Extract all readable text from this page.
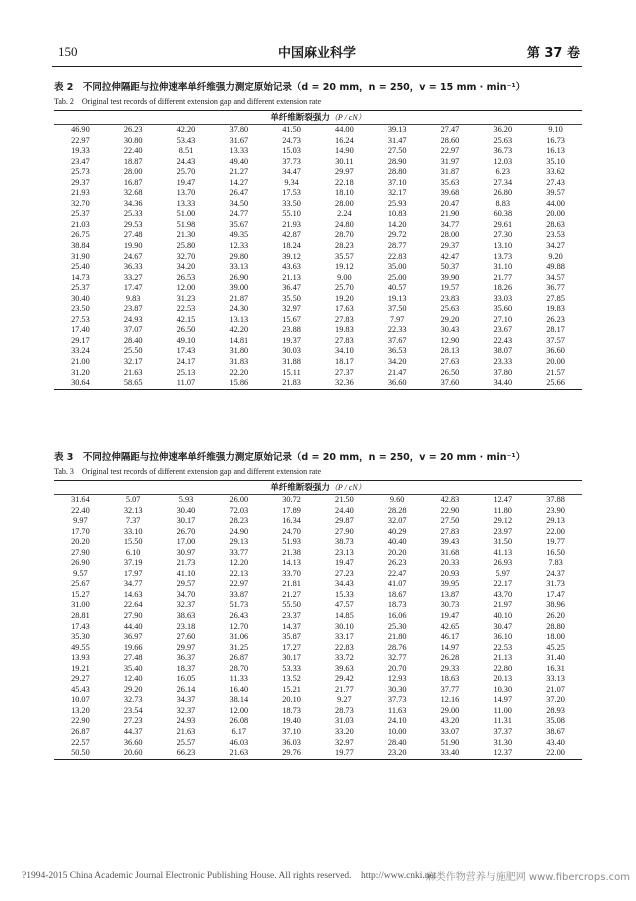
150	中国麻业科学	第 37 卷
表 2　不同拉伸隔距与拉伸速率单纤维强力测定原始记录（d = 20 mm，n = 250，v = 15 mm · min⁻¹）
Tab. 2　Original test records of different extension gap and different extension rate
单纤维断裂强力（P / cN）
46.90	26.23	42.20	37.80	41.50	44.00	39.13	27.47	36.20	9.10
22.97	30.80	53.43	31.67	24.73	16.24	31.47	28.60	25.63	16.73
19.33	22.40	8.51	13.33	15.03	14.90	27.50	22.97	36.73	16.13
23.47	18.87	24.43	49.40	37.73	30.11	28.90	31.97	12.03	35.10
25.73	28.00	25.70	21.27	34.47	29.97	28.80	31.87	6.23	33.62
29.37	16.87	19.47	14.27	9.34	22.18	37.10	35.63	27.34	27.43
21.93	32.68	13.70	26.47	17.53	18.10	32.17	39.68	26.80	39.57
32.70	34.36	13.33	34.50	33.50	28.00	25.93	20.47	8.83	44.00
25.37	25.33	51.00	24.77	55.10	2.24	10.83	21.90	60.38	20.00
21.03	29.53	51.98	35.67	21.93	24.80	14.20	34.77	29.61	28.63
26.75	27.48	21.30	49.35	42.87	28.70	29.72	28.00	27.30	23.53
38.84	19.90	25.80	12.33	18.24	28.23	28.77	29.37	13.10	34.27
31.90	24.67	32.70	29.80	39.12	35.57	22.83	42.47	13.73	9.20
25.40	36.33	34.20	33.13	43.63	19.12	35.00	50.37	31.10	49.88
14.73	33.27	26.53	26.90	21.13	9.00	25.00	39.90	21.77	34.57
25.37	17.47	12.00	39.00	36.47	25.70	40.57	19.57	18.26	36.77
30.40	9.83	31.23	21.87	35.50	19.20	19.13	23.83	33.03	27.85
23.50	23.87	22.53	24.30	32.97	17.63	37.50	25.63	35.60	19.83
27.53	24.93	42.15	13.13	15.67	27.83	7.97	29.20	27.10	26.23
17.40	37.07	26.50	42.20	23.88	19.83	22.33	30.43	23.67	28.17
29.17	28.40	49.10	14.81	19.37	27.83	37.67	12.90	22.43	37.57
33.24	25.50	17.43	31.80	30.03	34.10	36.53	28.13	38.07	36.60
21.00	32.17	24.17	31.83	31.88	18.17	34.20	27.63	23.33	20.00
31.20	21.63	25.13	22.20	15.11	27.37	21.47	26.50	37.80	21.57
30.64	58.65	11.07	15.86	21.83	32.36	36.60	37.60	34.40	25.66
表 3　不同拉伸隔距与拉伸速率单纤维强力测定原始记录（d = 20 mm，n = 250，v = 20 mm · min⁻¹）
Tab. 3　Original test records of different extension gap and different extension rate
单纤维断裂强力（P / cN）
31.64	5.07	5.93	26.00	30.72	21.50	9.60	42.83	12.47	37.88
22.40	32.13	30.40	72.03	17.89	24.40	28.28	22.90	11.80	23.90
9.97	7.37	30.17	28.23	16.34	29.87	32.07	27.50	29.12	29.13
17.70	33.10	26.70	24.90	24.70	27.90	40.29	27.83	23.97	22.00
20.20	15.50	17.00	29.13	51.93	38.73	40.40	39.43	31.50	19.77
27.90	6.10	30.97	33.77	21.38	23.13	20.20	31.68	41.13	16.50
26.90	37.19	21.73	12.20	14.13	19.47	26.23	20.33	26.93	7.83
9.57	17.97	41.10	22.13	33.70	27.23	22.47	20.93	5.97	24.37
25.67	34.77	29.57	22.97	21.81	34.43	41.07	39.95	22.17	31.73
15.27	14.63	34.70	33.87	21.27	15.33	18.67	13.87	43.70	17.47
31.00	22.64	32.37	51.73	55.50	47.57	18.73	30.73	21.97	38.96
28.81	27.90	38.63	26.43	23.37	14.85	16.06	19.47	40.10	26.20
17.43	44.40	23.18	12.70	14.37	30.10	25.30	42.65	30.47	28.80
35.30	36.97	27.60	31.06	35.87	33.17	21.80	46.17	36.10	18.00
49.55	19.66	29.97	31.25	17.27	22.83	28.76	14.97	22.53	45.25
13.93	27.48	36.37	26.87	30.17	33.72	32.77	26.28	21.13	31.40
19.21	35.40	18.37	28.70	53.33	39.63	20.70	29.33	22.80	16.31
29.27	12.40	16.05	11.33	13.52	29.42	12.93	18.63	20.13	33.13
45.43	29.20	26.14	16.40	15.21	21.77	30.30	37.77	10.30	21.07
10.07	32.73	34.37	38.14	20.10	9.27	37.73	12.16	14.97	37.20
13.20	23.54	32.37	12.00	18.73	28.73	11.63	29.00	11.00	28.93
22.90	27.23	24.93	26.08	19.40	31.03	24.10	43.20	11.31	35.08
26.87	44.37	21.63	6.17	37.10	33.20	10.00	33.07	37.37	38.67
22.57	36.60	25.57	46.03	36.03	32.97	28.40	51.90	31.30	43.40
50.50	20.60	66.23	21.63	29.76	19.77	23.20	33.40	12.37	22.00
?1994-2015 China Academic Journal Electronic Publishing House. All rights reserved. http://www.cnki.net
麻类作物营养与施肥网 www.fibercrops.com
